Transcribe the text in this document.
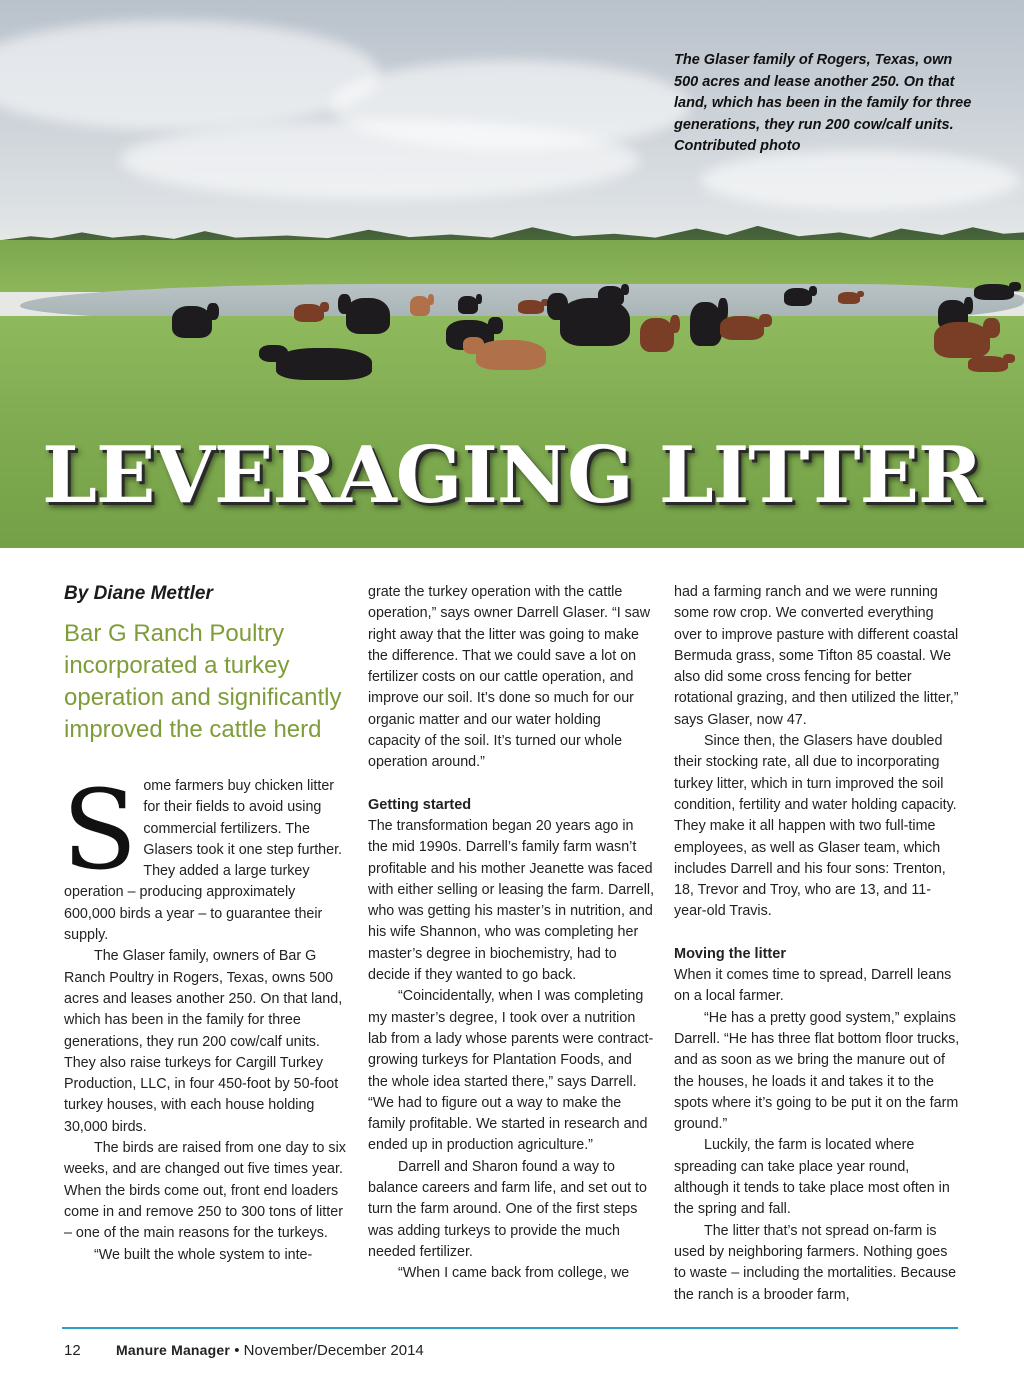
The Glaser family of Rogers, Texas, own 500 acres and lease another 250. On that land, which has been in the family for three generations, they run 200 cow/calf units. Contributed photo
LEVERAGING LITTER

By Diane Mettler

Bar G Ranch Poultry incorporated a turkey operation and significantly improved the cattle herd

Some farmers buy chicken litter for their fields to avoid using commercial fertilizers. The Glasers took it one step further. They added a large turkey operation – producing approximately 600,000 birds a year – to guarantee their supply.

The Glaser family, owners of Bar G Ranch Poultry in Rogers, Texas, owns 500 acres and leases another 250. On that land, which has been in the family for three generations, they run 200 cow/calf units. They also raise turkeys for Cargill Turkey Production, LLC, in four 450-foot by 50-foot turkey houses, with each house holding 30,000 birds.

The birds are raised from one day to six weeks, and are changed out five times year. When the birds come out, front end loaders come in and remove 250 to 300 tons of litter – one of the main reasons for the turkeys.

“We built the whole system to inte-

grate the turkey operation with the cattle operation,” says owner Darrell Glaser. “I saw right away that the litter was going to make the difference. That we could save a lot on fertilizer costs on our cattle operation, and improve our soil. It’s done so much for our organic matter and our water holding capacity of the soil. It’s turned our whole operation around.”

Getting started

The transformation began 20 years ago in the mid 1990s. Darrell’s family farm wasn’t profitable and his mother Jeanette was faced with either selling or leasing the farm. Darrell, who was getting his master’s in nutrition, and his wife Shannon, who was completing her master’s degree in biochemistry, had to decide if they wanted to go back.

“Coincidentally, when I was completing my master’s degree, I took over a nutrition lab from a lady whose parents were contract-growing turkeys for Plantation Foods, and the whole idea started there,” says Darrell. “We had to figure out a way to make the family profitable. We started in research and ended up in production agriculture.”

Darrell and Sharon found a way to balance careers and farm life, and set out to turn the farm around. One of the first steps was adding turkeys to provide the much needed fertilizer.

“When I came back from college, we

had a farming ranch and we were running some row crop. We converted everything over to improve pasture with different coastal Bermuda grass, some Tifton 85 coastal. We also did some cross fencing for better rotational grazing, and then utilized the litter,” says Glaser, now 47.

Since then, the Glasers have doubled their stocking rate, all due to incorporating turkey litter, which in turn improved the soil condition, fertility and water holding capacity. They make it all happen with two full-time employees, as well as Glaser team, which includes Darrell and his four sons: Trenton, 18, Trevor and Troy, who are 13, and 11-year-old Travis.

Moving the litter

When it comes time to spread, Darrell leans on a local farmer.

“He has a pretty good system,” explains Darrell. “He has three flat bottom floor trucks, and as soon as we bring the manure out of the houses, he loads it and takes it to the spots where it’s going to be put it on the farm ground.”

Luckily, the farm is located where spreading can take place year round, although it tends to take place most often in the spring and fall.

The litter that’s not spread on-farm is used by neighboring farmers. Nothing goes to waste – including the mortalities. Because the ranch is a brooder farm,

12	Manure Manager • November/December 2014
